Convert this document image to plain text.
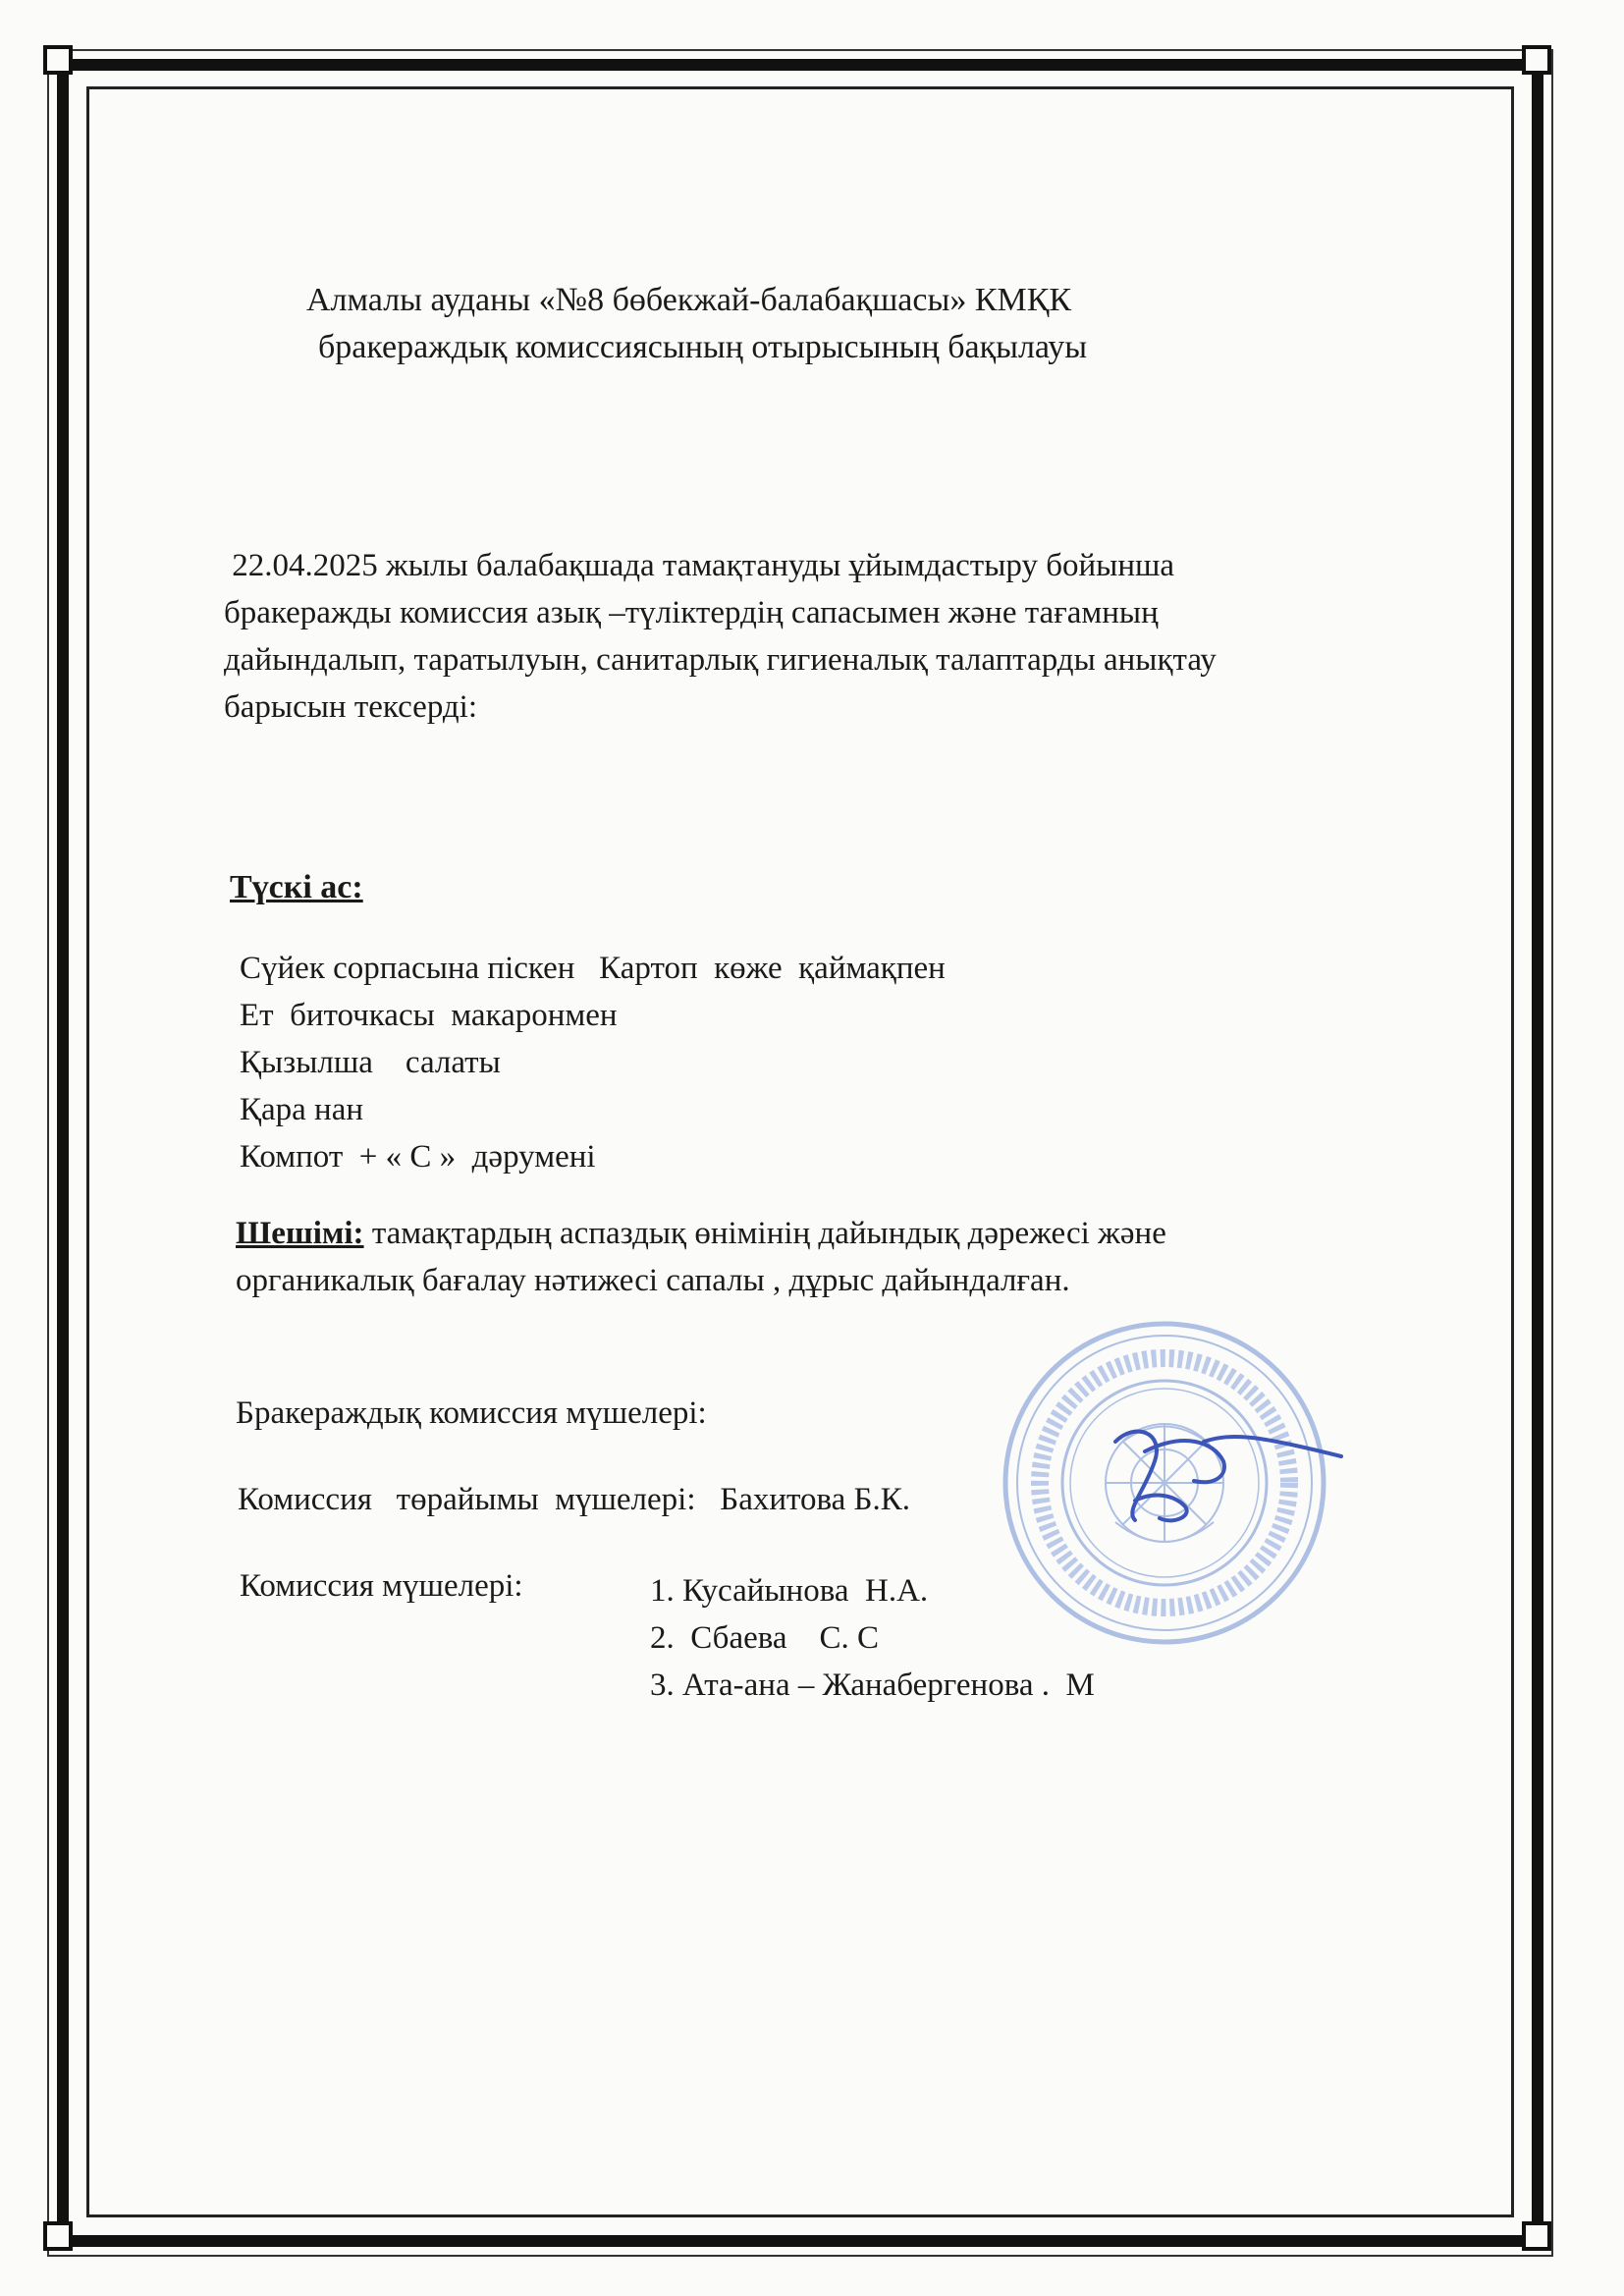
Алмалы ауданы «№8 бөбекжай-балабақшасы» КМҚК
бракераждық комиссиясының отырысының бақылауы
22.04.2025 жылы балабақшада тамақтануды ұйымдастыру бойынша
бракеражды комиссия азық –түліктердің сапасымен және тағамның
дайындалып, таратылуын, санитарлық гигиеналық талаптарды анықтау
барысын тексерді:
Түскі ас:
Сүйек сорпасына піскен   Картоп  көже  қаймақпен
Ет  биточкасы  макаронмен
Қызылша    салаты
Қара нан
Компот  + « С »  дәрумені
Шешімі: тамақтардың аспаздық өнімінің дайындық дәрежесі және
органикалық бағалау нәтижесі сапалы , дұрыс дайындалған.
Бракераждық комиссия мүшелері:
Комиссия   төрайымы  мүшелері:   Бахитова Б.К.
Комиссия мүшелері:	1. Кусайынова  Н.А.
2.  Сбаева    С. С
3. Ата-ана – Жанабергенова .  М
